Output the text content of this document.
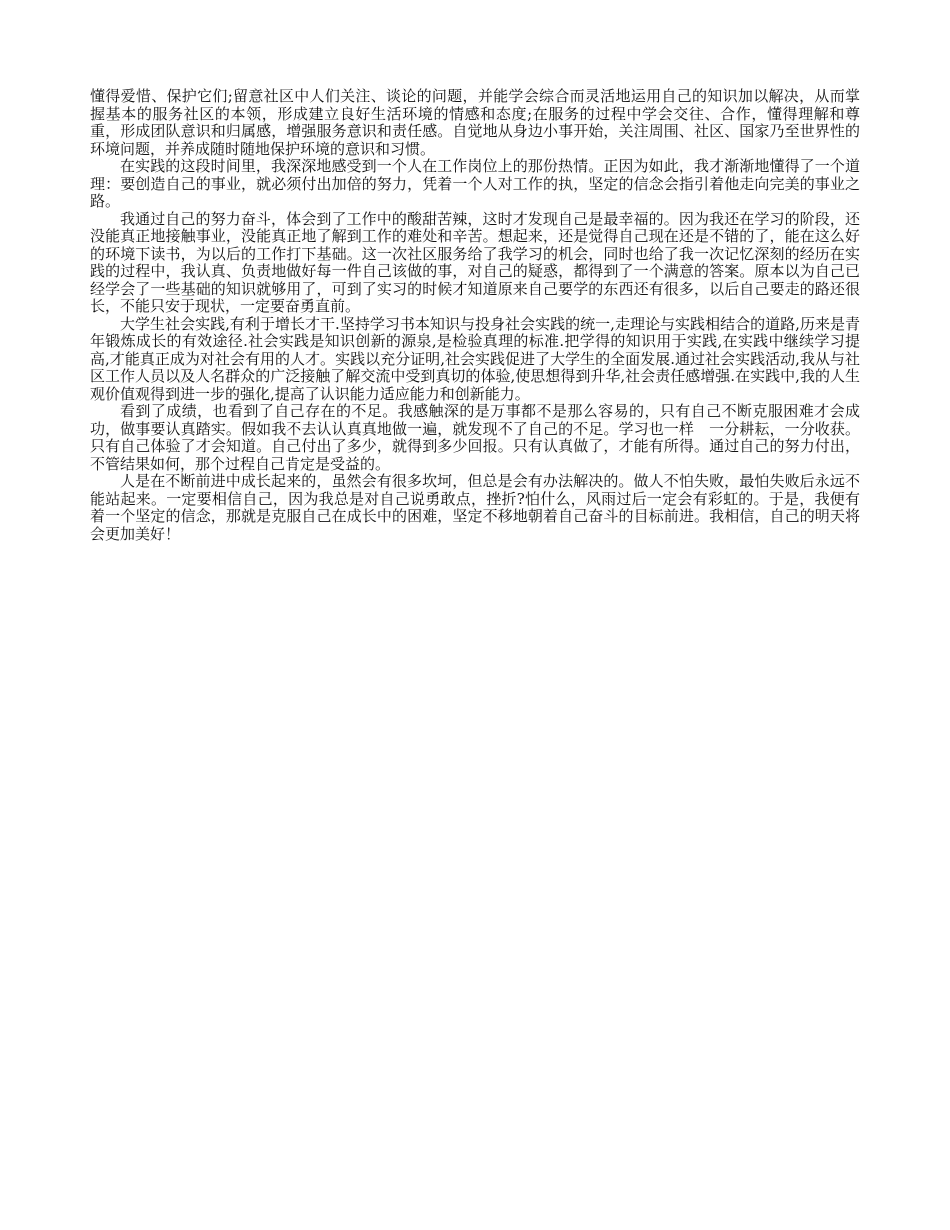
懂得爱惜、保护它们;留意社区中人们关注、谈论的问题，并能学会综合而灵活地运用自己的知识加以解决，从而掌握基本的服务社区的本领，形成建立良好生活环境的情感和态度;在服务的过程中学会交往、合作，懂得理解和尊重，形成团队意识和归属感，增强服务意识和责任感。自觉地从身边小事开始，关注周围、社区、国家乃至世界性的环境问题，并养成随时随地保护环境的意识和习惯。

在实践的这段时间里，我深深地感受到一个人在工作岗位上的那份热情。正因为如此，我才渐渐地懂得了一个道理：要创造自己的事业，就必须付出加倍的努力，凭着一个人对工作的执，坚定的信念会指引着他走向完美的事业之路。

我通过自己的努力奋斗，体会到了工作中的酸甜苦辣，这时才发现自己是最幸福的。因为我还在学习的阶段，还没能真正地接触事业，没能真正地了解到工作的难处和辛苦。想起来，还是觉得自己现在还是不错的了，能在这么好的环境下读书，为以后的工作打下基础。这一次社区服务给了我学习的机会，同时也给了我一次记忆深刻的经历在实践的过程中，我认真、负责地做好每一件自己该做的事，对自己的疑惑，都得到了一个满意的答案。原本以为自己已经学会了一些基础的知识就够用了，可到了实习的时候才知道原来自己要学的东西还有很多，以后自己要走的路还很长，不能只安于现状，一定要奋勇直前。

大学生社会实践,有利于增长才干.坚持学习书本知识与投身社会实践的统一,走理论与实践相结合的道路,历来是青年锻炼成长的有效途径.社会实践是知识创新的源泉,是检验真理的标准.把学得的知识用于实践,在实践中继续学习提高,才能真正成为对社会有用的人才。实践以充分证明,社会实践促进了大学生的全面发展.通过社会实践活动,我从与社区工作人员以及人名群众的广泛接触了解交流中受到真切的体验,使思想得到升华,社会责任感增强.在实践中,我的人生观价值观得到进一步的强化,提高了认识能力适应能力和创新能力。

看到了成绩，也看到了自己存在的不足。我感触深的是万事都不是那么容易的，只有自己不断克服困难才会成功，做事要认真踏实。假如我不去认认真真地做一遍，就发现不了自己的不足。学习也一样　一分耕耘，一分收获。只有自己体验了才会知道。自己付出了多少，就得到多少回报。只有认真做了，才能有所得。通过自己的努力付出，不管结果如何，那个过程自己肯定是受益的。

人是在不断前进中成长起来的，虽然会有很多坎坷，但总是会有办法解决的。做人不怕失败，最怕失败后永远不能站起来。一定要相信自己，因为我总是对自己说勇敢点，挫折?怕什么，风雨过后一定会有彩虹的。于是，我便有着一个坚定的信念，那就是克服自己在成长中的困难，坚定不移地朝着自己奋斗的目标前进。我相信，自己的明天将会更加美好！
